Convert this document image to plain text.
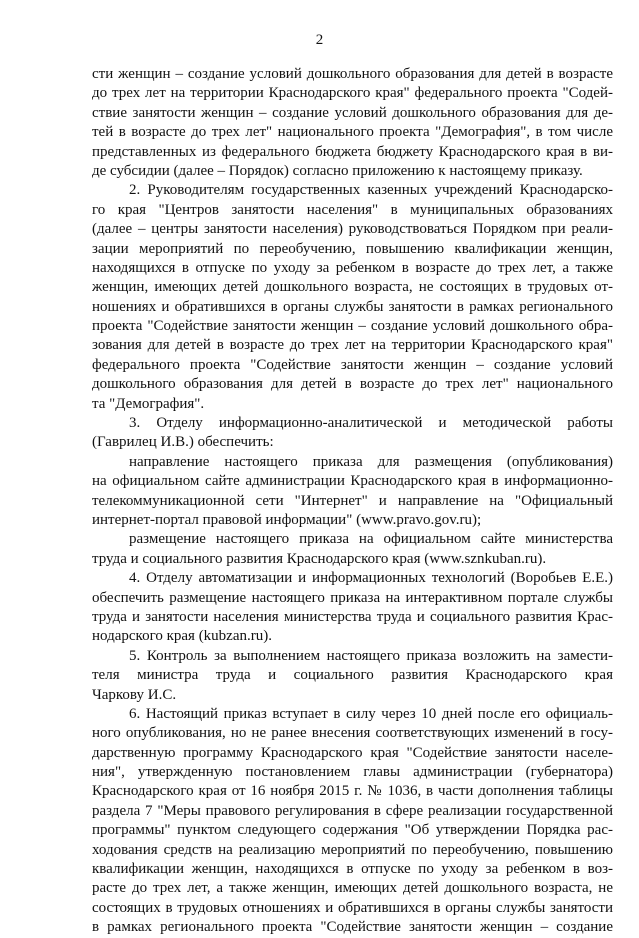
2
сти женщин – создание условий дошкольного образования для детей в возрасте
до трех лет на территории Краснодарского края" федерального проекта "Содей-
ствие занятости женщин – создание условий дошкольного образования для де-
тей в возрасте до трех лет" национального проекта "Демография", в том числе
представленных из федерального бюджета бюджету Краснодарского края в ви-
де субсидии (далее – Порядок) согласно приложению к настоящему приказу.
2. Руководителям государственных казенных учреждений Краснодарско-
го края "Центров занятости населения" в муниципальных образованиях
(далее – центры занятости населения) руководствоваться Порядком при реали-
зации мероприятий по переобучению, повышению квалификации женщин,
находящихся в отпуске по уходу за ребенком в возрасте до трех лет, а также
женщин, имеющих детей дошкольного возраста, не состоящих в трудовых от-
ношениях и обратившихся в органы службы занятости в рамках регионального
проекта "Содействие занятости женщин – создание условий дошкольного обра-
зования для детей в возрасте до трех лет на территории Краснодарского края"
федерального проекта "Содействие занятости женщин – создание условий
дошкольного образования для детей в возрасте до трех лет" национального
та "Демография".
3. Отделу информационно-аналитической и методической работы
(Гаврилец И.В.) обеспечить:
направление настоящего приказа для размещения (опубликования)
на официальном сайте администрации Краснодарского края в информационно-
телекоммуникационной сети "Интернет" и направление на "Официальный
интернет-портал правовой информации" (www.pravo.gov.ru);
размещение настоящего приказа на официальном сайте министерства
труда и социального развития Краснодарского края (www.sznkuban.ru).
4. Отделу автоматизации и информационных технологий (Воробьев Е.Е.)
обеспечить размещение настоящего приказа на интерактивном портале службы
труда и занятости населения министерства труда и социального развития Крас-
нодарского края (kubzan.ru).
5. Контроль за выполнением настоящего приказа возложить на замести-
теля министра труда и социального развития Краснодарского края
Чаркову И.С.
6. Настоящий приказ вступает в силу через 10 дней после его официаль-
ного опубликования, но не ранее внесения соответствующих изменений в госу-
дарственную программу Краснодарского края "Содействие занятости населе-
ния", утвержденную постановлением главы администрации (губернатора)
Краснодарского края от 16 ноября 2015 г. № 1036, в части дополнения таблицы
раздела 7 "Меры правового регулирования в сфере реализации государственной
программы" пунктом следующего содержания "Об утверждении Порядка рас-
ходования средств на реализацию мероприятий по переобучению, повышению
квалификации женщин, находящихся в отпуске по уходу за ребенком в воз-
расте до трех лет, а также женщин, имеющих детей дошкольного возраста, не
состоящих в трудовых отношениях и обратившихся в органы службы занятости
в рамках регионального проекта "Содействие занятости женщин – создание
